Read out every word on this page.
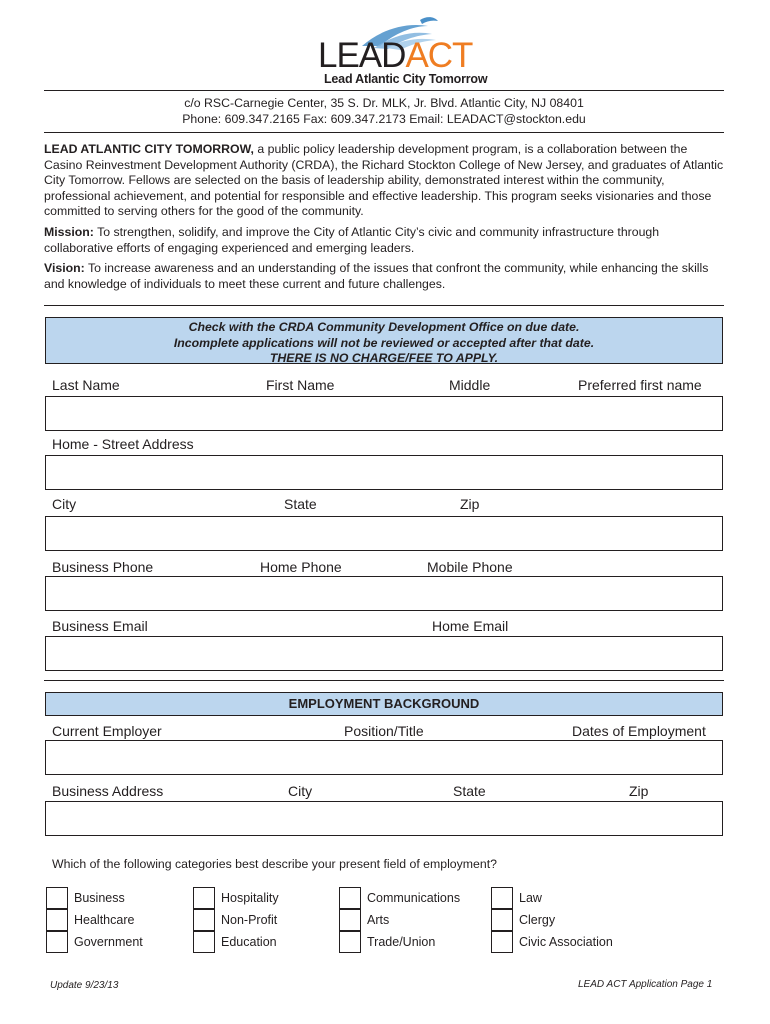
LEADACT
Lead Atlantic City Tomorrow
c/o RSC-Carnegie Center, 35 S. Dr. MLK, Jr. Blvd. Atlantic City, NJ 08401
Phone: 609.347.2165 Fax: 609.347.2173 Email: LEADACT@stockton.edu

LEAD ATLANTIC CITY TOMORROW, a public policy leadership development program, is a collaboration between the Casino Reinvestment Development Authority (CRDA), the Richard Stockton College of New Jersey, and graduates of Atlantic City Tomorrow. Fellows are selected on the basis of leadership ability, demonstrated interest within the community, professional achievement, and potential for responsible and effective leadership. This program seeks visionaries and those committed to serving others for the good of the community.

Mission: To strengthen, solidify, and improve the City of Atlantic City’s civic and community infrastructure through collaborative efforts of engaging experienced and emerging leaders.

Vision: To increase awareness and an understanding of the issues that confront the community, while enhancing the skills and knowledge of individuals to meet these current and future challenges.

Check with the CRDA Community Development Office on due date.
Incomplete applications will not be reviewed or accepted after that date.
THERE IS NO CHARGE/FEE TO APPLY.
Last Name	First Name	Middle	Preferred first name
Home - Street Address
City	State	Zip
Business Phone	Home Phone	Mobile Phone
Business Email	Home Email
EMPLOYMENT BACKGROUND
Current Employer	Position/Title	Dates of Employment
Business Address	City	State	Zip
Which of the following categories best describe your present field of employment?
Business
Healthcare
Government
Hospitality
Non-Profit
Education
Communications
Arts
Trade/Union
Law
Clergy
Civic Association
Update 9/23/13	LEAD ACT Application Page 1
